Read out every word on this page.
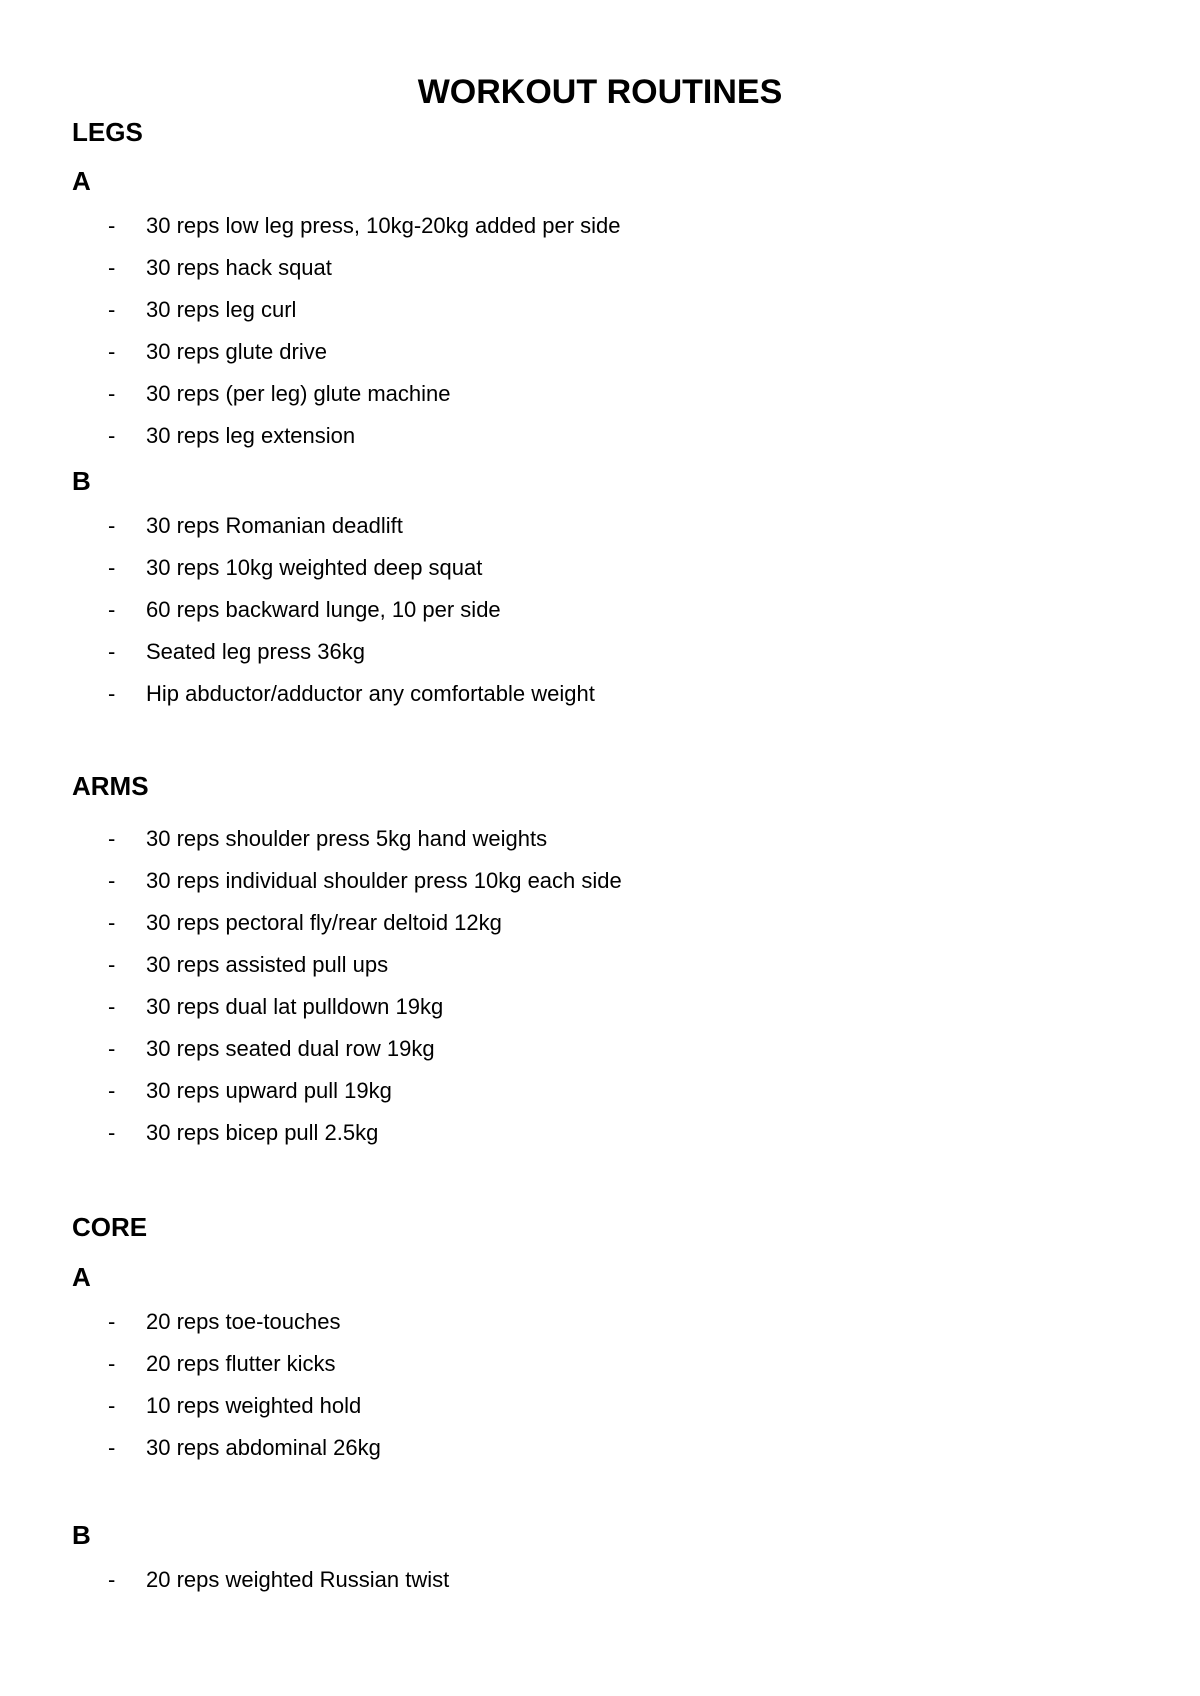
WORKOUT ROUTINES
LEGS
A
- 30 reps low leg press, 10kg-20kg added per side
- 30 reps hack squat
- 30 reps leg curl
- 30 reps glute drive
- 30 reps (per leg) glute machine
- 30 reps leg extension
B
- 30 reps Romanian deadlift
- 30 reps 10kg weighted deep squat
- 60 reps backward lunge, 10 per side
- Seated leg press 36kg
- Hip abductor/adductor any comfortable weight
ARMS
- 30 reps shoulder press 5kg hand weights
- 30 reps individual shoulder press 10kg each side
- 30 reps pectoral fly/rear deltoid 12kg
- 30 reps assisted pull ups
- 30 reps dual lat pulldown 19kg
- 30 reps seated dual row 19kg
- 30 reps upward pull 19kg
- 30 reps bicep pull 2.5kg
CORE
A
- 20 reps toe-touches
- 20 reps flutter kicks
- 10 reps weighted hold
- 30 reps abdominal 26kg
B
- 20 reps weighted Russian twist
